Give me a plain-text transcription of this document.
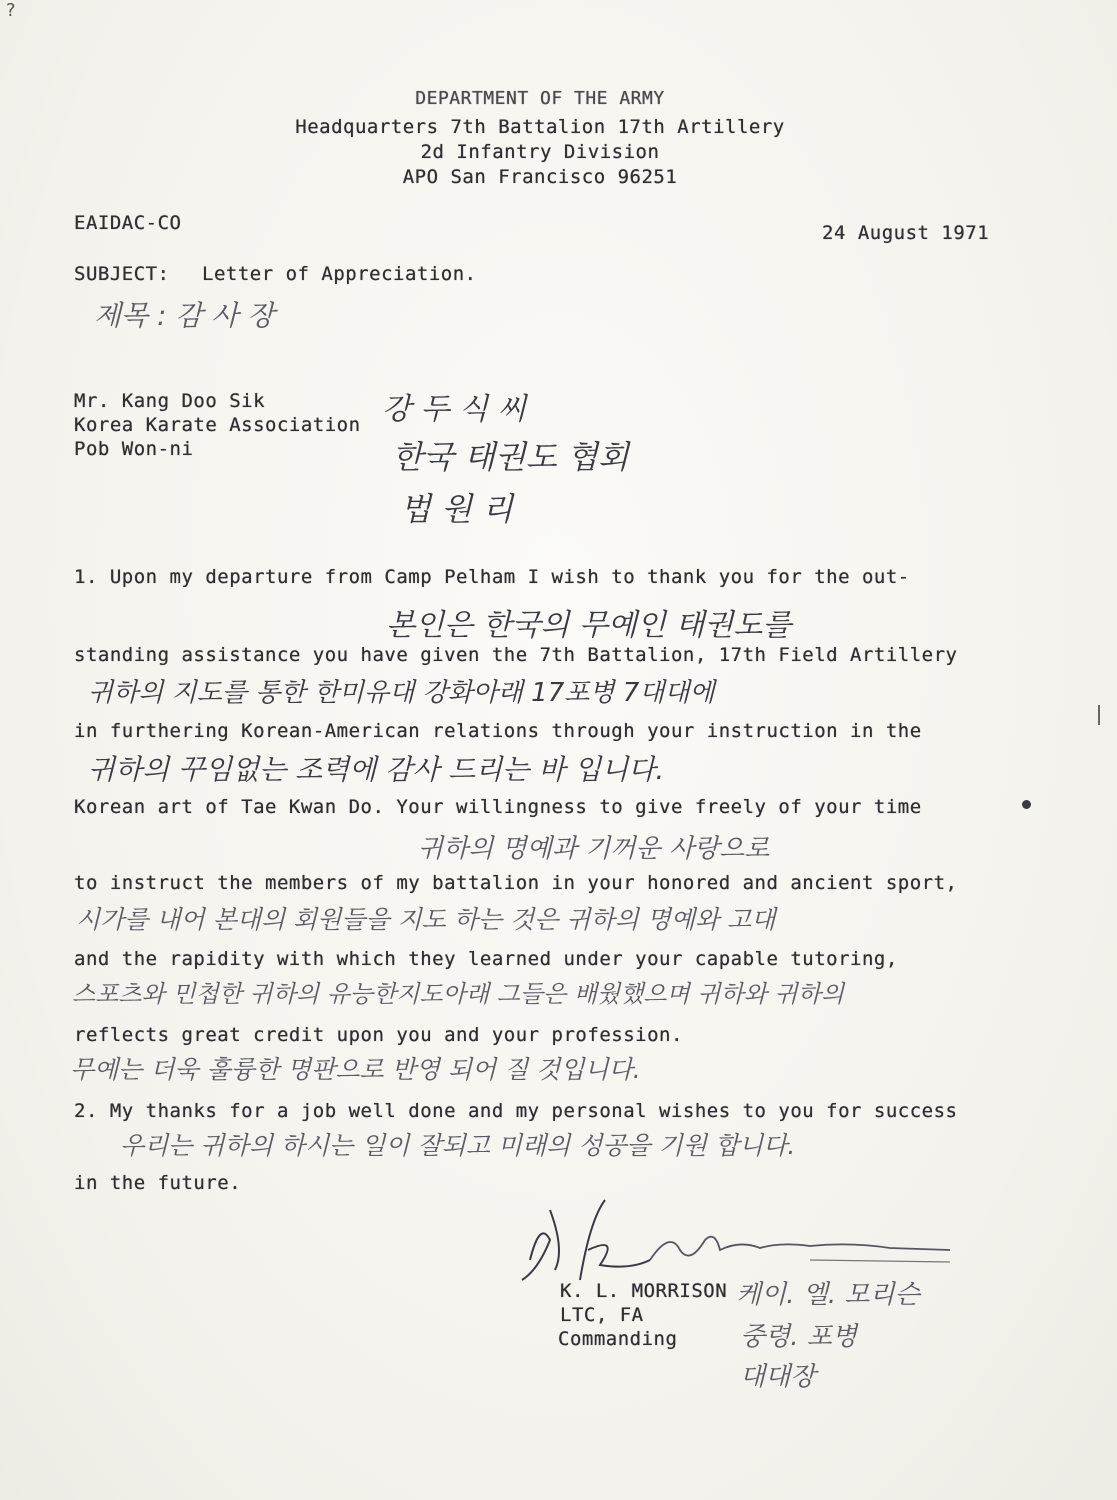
?
DEPARTMENT OF THE ARMY
Headquarters 7th Battalion 17th Artillery
2d Infantry Division
APO San Francisco 96251
EAIDAC-CO	24 August 1971
SUBJECT: Letter of Appreciation.
제목 : 감 사 장
Mr. Kang Doo Sik
Korea Karate Association
Pob Won-ni
강 두 식 씨
한국 태권도 협회
법 원 리
1. Upon my departure from Camp Pelham I wish to thank you for the out-
본인은 한국의 무예인 태권도를
standing assistance you have given the 7th Battalion, 17th Field Artillery
귀하의 지도를 통한 한미유대 강화아래 17포병 7대대에
in furthering Korean-American relations through your instruction in the
귀하의 꾸임없는 조력에 감사 드리는 바 입니다.
Korean art of Tae Kwan Do. Your willingness to give freely of your time
귀하의 명예과 기꺼운 사랑으로
to instruct the members of my battalion in your honored and ancient sport,
시가를 내어 본대의 회원들을 지도 하는 것은 귀하의 명예와 고대
and the rapidity with which they learned under your capable tutoring,
스포츠와 민첩한 귀하의 유능한지도아래 그들은 배웠했으며 귀하와 귀하의
reflects great credit upon you and your profession.
무예는 더욱 훌륭한 명판으로 반영 되어 질 것입니다.
2. My thanks for a job well done and my personal wishes to you for success
우리는 귀하의 하시는 일이 잘되고 미래의 성공을 기원 합니다.
in the future.
K. L. MORRISON
LTC, FA
Commanding
케이. 엘. 모리슨
중령. 포병
대대장
